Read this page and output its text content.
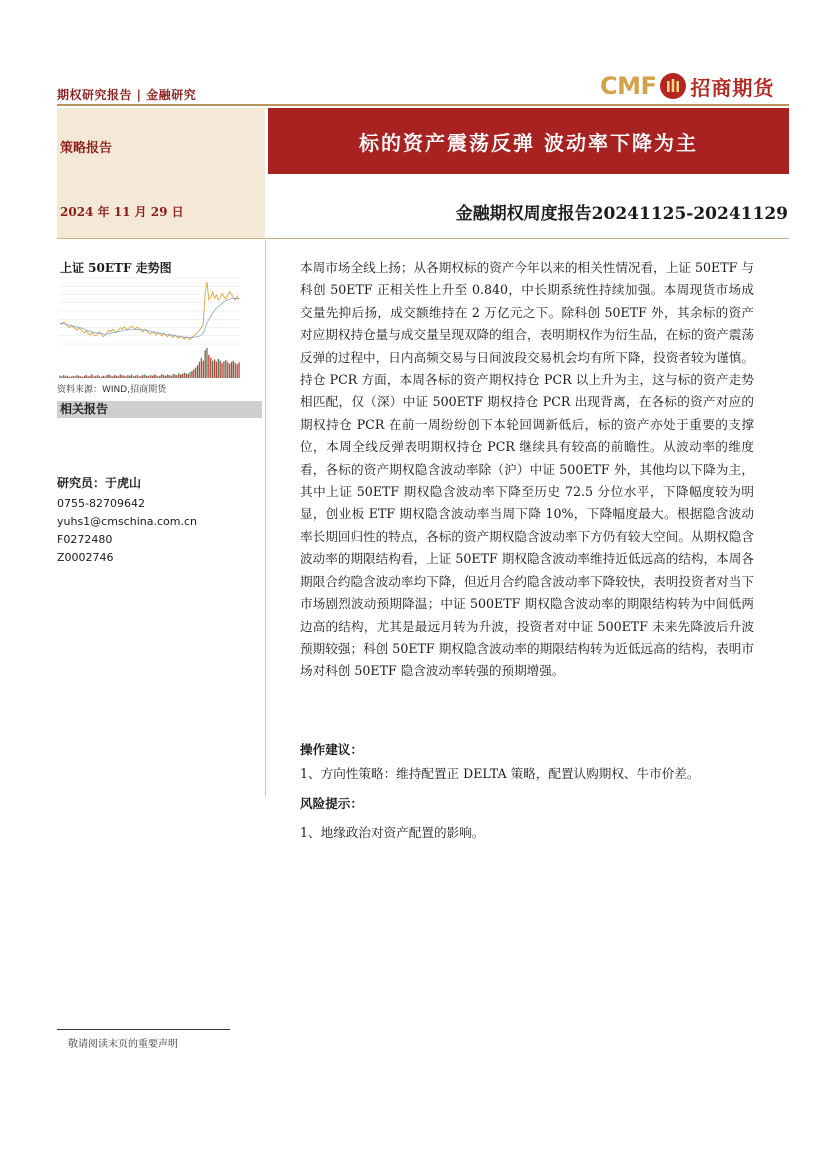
期权研究报告 | 金融研究	CMF 招商期货
策略报告	标的资产震荡反弹 波动率下降为主
2024 年 11 月 29 日	金融期权周度报告20241125-20241129
上证 50ETF 走势图
资料来源：WIND,招商期货
相关报告
研究员：于虎山
0755-82709642
yuhs1@cmschina.com.cn
F0272480
Z0002746
本周市场全线上扬；从各期权标的资产今年以来的相关性情况看，上证 50ETF 与科创 50ETF 正相关性上升至 0.840，中长期系统性持续加强。本周现货市场成交量先抑后扬，成交额维持在 2 万亿元之下。除科创 50ETF 外，其余标的资产对应期权持仓量与成交量呈现双降的组合，表明期权作为衍生品，在标的资产震荡反弹的过程中，日内高频交易与日间波段交易机会均有所下降，投资者较为谨慎。持仓 PCR 方面，本周各标的资产期权持仓 PCR 以上升为主，这与标的资产走势相匹配，仅（深）中证 500ETF 期权持仓 PCR 出现背离，在各标的资产对应的期权持仓 PCR 在前一周纷纷创下本轮回调新低后，标的资产亦处于重要的支撑位，本周全线反弹表明期权持仓 PCR 继续具有较高的前瞻性。从波动率的维度看，各标的资产期权隐含波动率除（沪）中证 500ETF 外，其他均以下降为主，其中上证 50ETF 期权隐含波动率下降至历史 72.5 分位水平，下降幅度较为明显，创业板 ETF 期权隐含波动率当周下降 10%，下降幅度最大。根据隐含波动率长期回归性的特点，各标的资产期权隐含波动率下方仍有较大空间。从期权隐含波动率的期限结构看，上证 50ETF 期权隐含波动率维持近低远高的结构，本周各期限合约隐含波动率均下降，但近月合约隐含波动率下降较快，表明投资者对当下市场剧烈波动预期降温；中证 500ETF 期权隐含波动率的期限结构转为中间低两边高的结构，尤其是最远月转为升波，投资者对中证 500ETF 未来先降波后升波预期较强；科创 50ETF 期权隐含波动率的期限结构转为近低远高的结构，表明市场对科创 50ETF 隐含波动率转强的预期增强。
操作建议：
1、方向性策略：维持配置正 DELTA 策略，配置认购期权、牛市价差。
风险提示：
1、地缘政治对资产配置的影响。
敬请阅读末页的重要声明
